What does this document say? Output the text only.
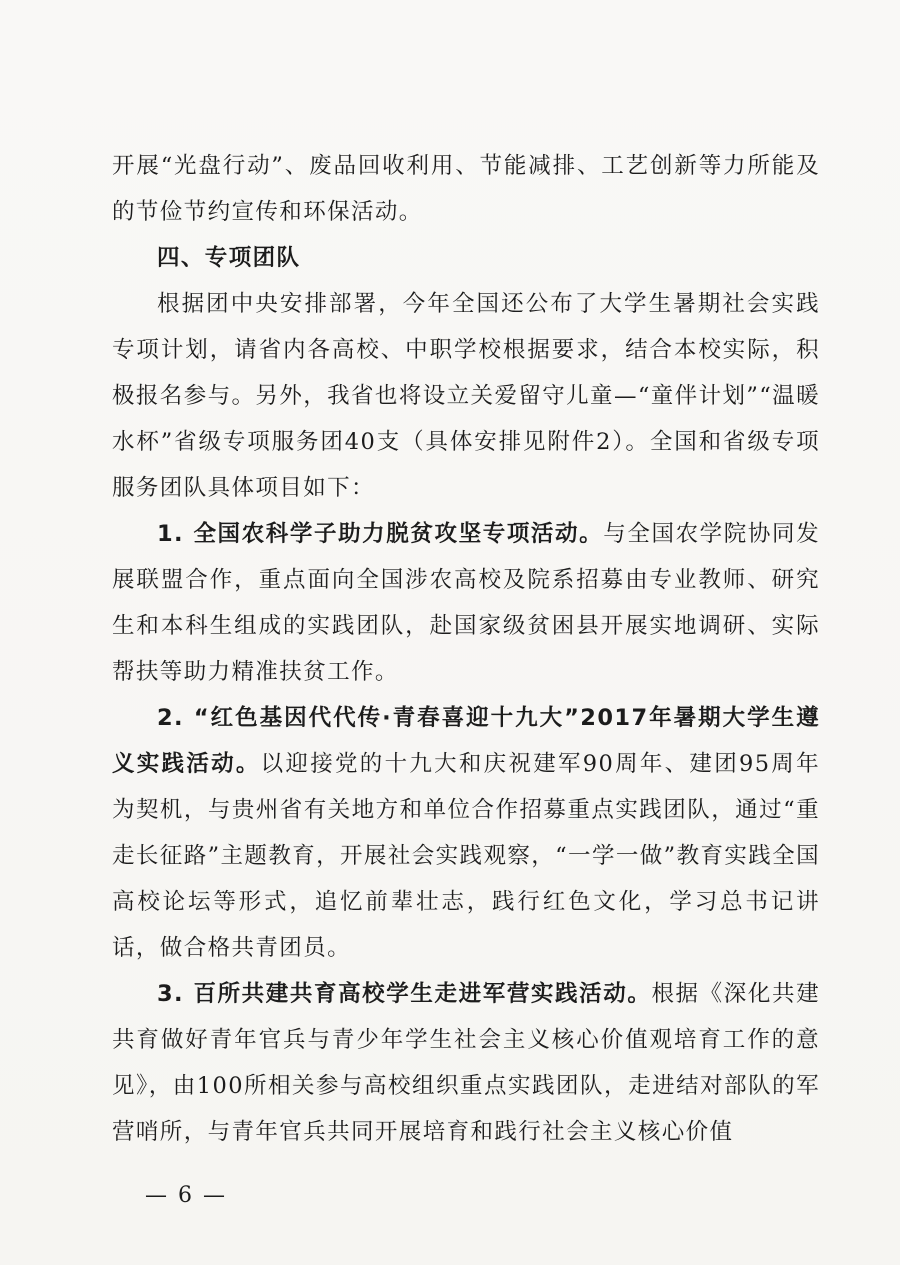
开展“光盘行动”、废品回收利用、节能减排、工艺创新等力所能及的节俭节约宣传和环保活动。

四、专项团队

根据团中央安排部署，今年全国还公布了大学生暑期社会实践专项计划，请省内各高校、中职学校根据要求，结合本校实际，积极报名参与。另外，我省也将设立关爱留守儿童—“童伴计划”“温暖水杯”省级专项服务团40支（具体安排见附件2）。全国和省级专项服务团队具体项目如下：

1. 全国农科学子助力脱贫攻坚专项活动。与全国农学院协同发展联盟合作，重点面向全国涉农高校及院系招募由专业教师、研究生和本科生组成的实践团队，赴国家级贫困县开展实地调研、实际帮扶等助力精准扶贫工作。

2. “红色基因代代传·青春喜迎十九大”2017年暑期大学生遵义实践活动。以迎接党的十九大和庆祝建军90周年、建团95周年为契机，与贵州省有关地方和单位合作招募重点实践团队，通过“重走长征路”主题教育，开展社会实践观察，“一学一做”教育实践全国高校论坛等形式，追忆前辈壮志，践行红色文化，学习总书记讲话，做合格共青团员。

3. 百所共建共育高校学生走进军营实践活动。根据《深化共建共育做好青年官兵与青少年学生社会主义核心价值观培育工作的意见》，由100所相关参与高校组织重点实践团队，走进结对部队的军营哨所，与青年官兵共同开展培育和践行社会主义核心价值

— 6 —
